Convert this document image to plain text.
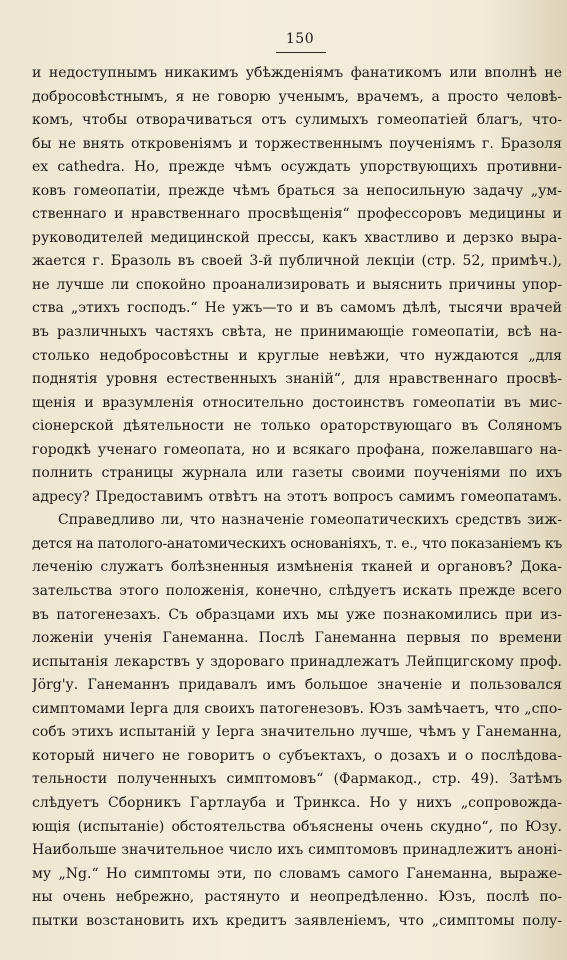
150
и недоступнымъ никакимъ убѣжденіямъ фанатикомъ или вполнѣ не
добросовѣстнымъ, я не говорю ученымъ, врачемъ, а просто человѣ-
комъ, чтобы отворачиваться отъ сулимыхъ гомеопатіей благъ, что-
бы не внять откровеніямъ и торжественнымъ поученіямъ г. Бразоля
ex cathedra. Но, прежде чѣмъ осуждать упорствующихъ противни-
ковъ гомеопатіи, прежде чѣмъ браться за непосильную задачу „ум-
ственнаго и нравственнаго просвѣщенія“ профессоровъ медицины и
руководителей медицинской прессы, какъ хвастливо и дерзко выра-
жается г. Бразоль въ своей 3-й публичной лекціи (стр. 52, примѣч.),
не лучше ли спокойно проанализировать и выяснить причины упор-
ства „этихъ господъ.“ Не ужъ—то и въ самомъ дѣлѣ, тысячи врачей
въ различныхъ частяхъ свѣта, не принимающіе гомеопатіи, всѣ на-
столько недобросовѣстны и круглые невѣжи, что нуждаются „для
поднятія уровня естественныхъ знаній“, для нравственнаго просвѣ-
щенія и вразумленія относительно достоинствъ гомеопатіи въ мис-
сіонерской дѣятельности не только ораторствующаго въ Соляномъ
городкѣ ученаго гомеопата, но и всякаго профана, пожелавшаго на-
полнить страницы журнала или газеты своими поученіями по ихъ
адресу? Предоставимъ отвѣтъ на этотъ вопросъ самимъ гомеопатамъ.
Справедливо ли, что назначеніе гомеопатическихъ средствъ зиж-
дется на патолого-анатомическихъ основаніяхъ, т. е., что показаніемъ къ
леченію служатъ болѣзненныя измѣненія тканей и органовъ? Дока-
зательства этого положенія, конечно, слѣдуетъ искать прежде всего
въ патогенезахъ. Съ образцами ихъ мы уже познакомились при из-
ложеніи ученія Ганеманна. Послѣ Ганеманна первыя по времени
испытанія лекарствъ у здороваго принадлежатъ Лейпцигскому проф.
Jörg'у. Ганеманнъ придавалъ имъ большое значеніе и пользовался
симптомами Іерга для своихъ патогенезовъ. Юзъ замѣчаетъ, что „спо-
собъ этихъ испытаній у Іерга значительно лучше, чѣмъ у Ганеманна,
который ничего не говоритъ о субъектахъ, о дозахъ и о послѣдова-
тельности полученныхъ симптомовъ“ (Фармакод., стр. 49). Затѣмъ
слѣдуетъ Сборникъ Гартлауба и Тринкса. Но у нихъ „сопровожда-
ющія (испытаніе) обстоятельства объяснены очень скудно“, по Юзу.
Наибольше значительное число ихъ симптомовъ принадлежитъ аноні-
му „Ng.“ Но симптомы эти, по словамъ самого Ганеманна, выраже-
ны очень небрежно, растянуто и неопредѣленно. Юзъ, послѣ по-
пытки возстановить ихъ кредитъ заявленіемъ, что „симптомы полу-
